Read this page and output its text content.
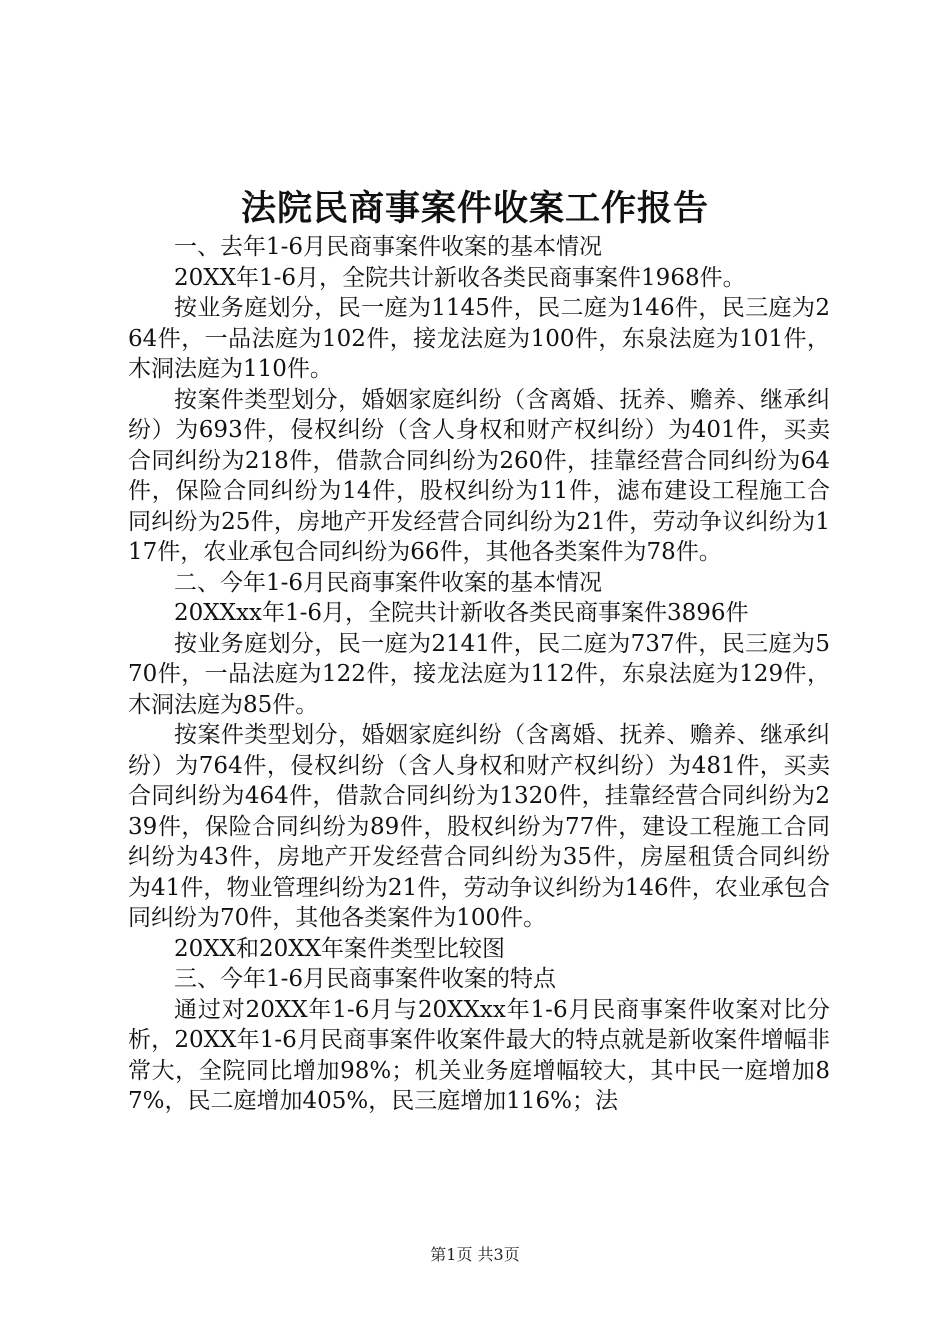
法院民商事案件收案工作报告

一、去年1-6月民商事案件收案的基本情况

20XX年1-6月，全院共计新收各类民商事案件1968件。

按业务庭划分，民一庭为1145件，民二庭为146件，民三庭为264件，一品法庭为102件，接龙法庭为100件，东泉法庭为101件，木洞法庭为110件。

按案件类型划分，婚姻家庭纠纷（含离婚、抚养、赡养、继承纠纷）为693件，侵权纠纷（含人身权和财产权纠纷）为401件，买卖合同纠纷为218件，借款合同纠纷为260件，挂靠经营合同纠纷为64件，保险合同纠纷为14件，股权纠纷为11件，滤布建设工程施工合同纠纷为25件，房地产开发经营合同纠纷为21件，劳动争议纠纷为117件，农业承包合同纠纷为66件，其他各类案件为78件。

二、今年1-6月民商事案件收案的基本情况

20XXxx年1-6月，全院共计新收各类民商事案件3896件

按业务庭划分，民一庭为2141件，民二庭为737件，民三庭为570件，一品法庭为122件，接龙法庭为112件，东泉法庭为129件，木洞法庭为85件。

按案件类型划分，婚姻家庭纠纷（含离婚、抚养、赡养、继承纠纷）为764件，侵权纠纷（含人身权和财产权纠纷）为481件，买卖合同纠纷为464件，借款合同纠纷为1320件，挂靠经营合同纠纷为239件，保险合同纠纷为89件，股权纠纷为77件，建设工程施工合同纠纷为43件，房地产开发经营合同纠纷为35件，房屋租赁合同纠纷为41件，物业管理纠纷为21件，劳动争议纠纷为146件，农业承包合同纠纷为70件，其他各类案件为100件。

20XX和20XX年案件类型比较图

三、今年1-6月民商事案件收案的特点

通过对20XX年1-6月与20XXxx年1-6月民商事案件收案对比分析，20XX年1-6月民商事案件收案件最大的特点就是新收案件增幅非常大，全院同比增加98%；机关业务庭增幅较大，其中民一庭增加87%，民二庭增加405%，民三庭增加116%；法

第1页 共3页
